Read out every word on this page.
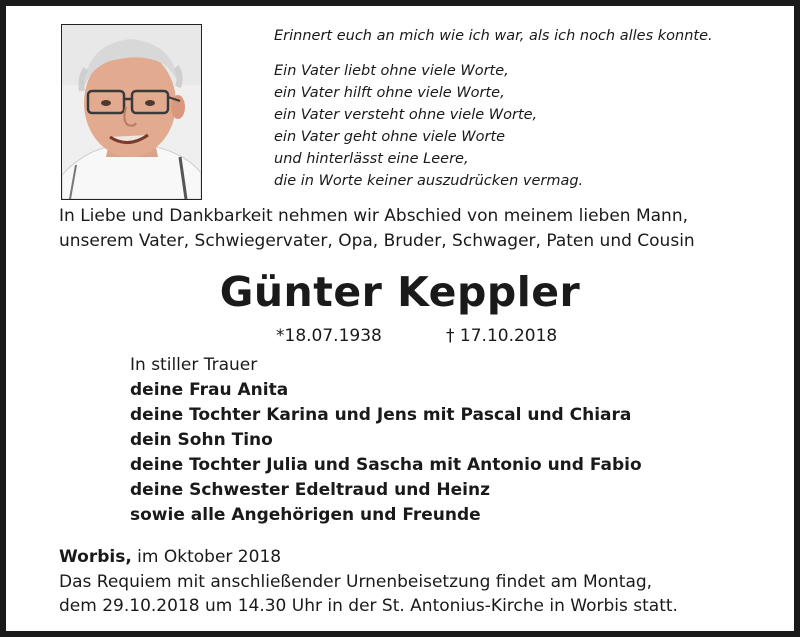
Erinnert euch an mich wie ich war, als ich noch alles konnte.
Ein Vater liebt ohne viele Worte,
ein Vater hilft ohne viele Worte,
ein Vater versteht ohne viele Worte,
ein Vater geht ohne viele Worte
und hinterlässt eine Leere,
die in Worte keiner auszudrücken vermag.
In Liebe und Dankbarkeit nehmen wir Abschied von meinem lieben Mann,
unserem Vater, Schwiegervater, Opa, Bruder, Schwager, Paten und Cousin
Günter Keppler
*18.07.1938	† 17.10.2018
In stiller Trauer
deine Frau Anita
deine Tochter Karina und Jens mit Pascal und Chiara
dein Sohn Tino
deine Tochter Julia und Sascha mit Antonio und Fabio
deine Schwester Edeltraud und Heinz
sowie alle Angehörigen und Freunde
Worbis, im Oktober 2018
Das Requiem mit anschließender Urnenbeisetzung findet am Montag,
dem 29.10.2018 um 14.30 Uhr in der St. Antonius-Kirche in Worbis statt.
